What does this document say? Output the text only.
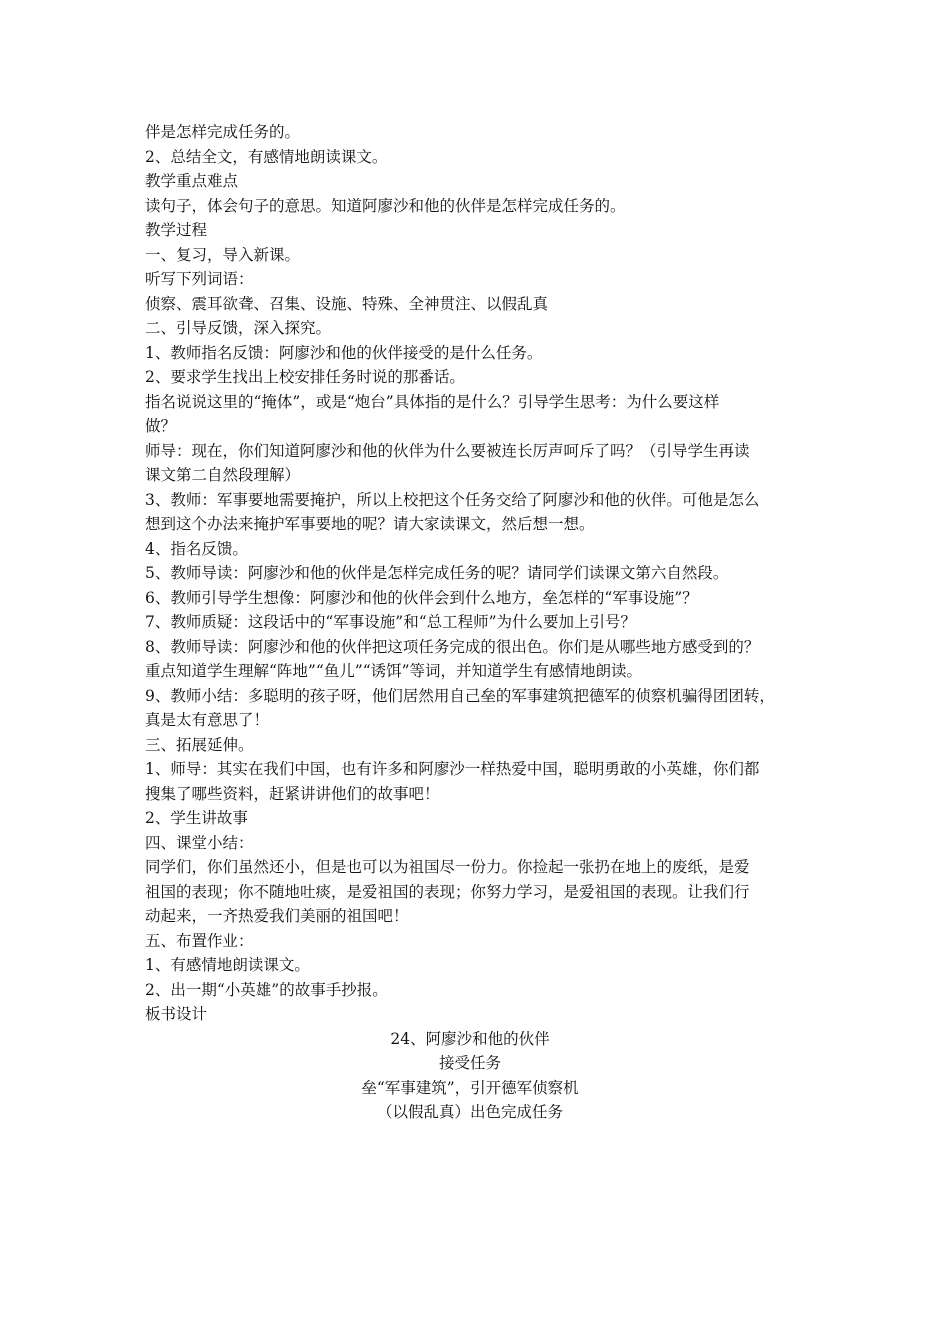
伴是怎样完成任务的。
2、总结全文，有感情地朗读课文。
教学重点难点
读句子，体会句子的意思。知道阿廖沙和他的伙伴是怎样完成任务的。
教学过程
一、复习，导入新课。
听写下列词语：
侦察、震耳欲聋、召集、设施、特殊、全神贯注、以假乱真
二、引导反馈，深入探究。
1、教师指名反馈：阿廖沙和他的伙伴接受的是什么任务。
2、要求学生找出上校安排任务时说的那番话。
指名说说这里的“掩体”，或是“炮台”具体指的是什么？引导学生思考：为什么要这样
做？
师导：现在，你们知道阿廖沙和他的伙伴为什么要被连长厉声呵斥了吗？（引导学生再读
课文第二自然段理解）
3、教师：军事要地需要掩护，所以上校把这个任务交给了阿廖沙和他的伙伴。可他是怎么
想到这个办法来掩护军事要地的呢？请大家读课文，然后想一想。
4、指名反馈。
5、教师导读：阿廖沙和他的伙伴是怎样完成任务的呢？请同学们读课文第六自然段。
6、教师引导学生想像：阿廖沙和他的伙伴会到什么地方，垒怎样的“军事设施”？
7、教师质疑：这段话中的“军事设施”和“总工程师”为什么要加上引号？
8、教师导读：阿廖沙和他的伙伴把这项任务完成的很出色。你们是从哪些地方感受到的？
重点知道学生理解“阵地”“鱼儿”“诱饵”等词，并知道学生有感情地朗读。
9、教师小结：多聪明的孩子呀，他们居然用自己垒的军事建筑把德军的侦察机骗得团团转，
真是太有意思了！
三、拓展延伸。
1、师导：其实在我们中国，也有许多和阿廖沙一样热爱中国，聪明勇敢的小英雄，你们都
搜集了哪些资料，赶紧讲讲他们的故事吧！
2、学生讲故事
四、课堂小结：
同学们，你们虽然还小，但是也可以为祖国尽一份力。你捡起一张扔在地上的废纸，是爱
祖国的表现；你不随地吐痰，是爱祖国的表现；你努力学习，是爱祖国的表现。让我们行
动起来，一齐热爱我们美丽的祖国吧！
五、布置作业：
1、有感情地朗读课文。
2、出一期“小英雄”的故事手抄报。
板书设计
24、阿廖沙和他的伙伴
接受任务
垒“军事建筑”，引开德军侦察机
（以假乱真）出色完成任务
